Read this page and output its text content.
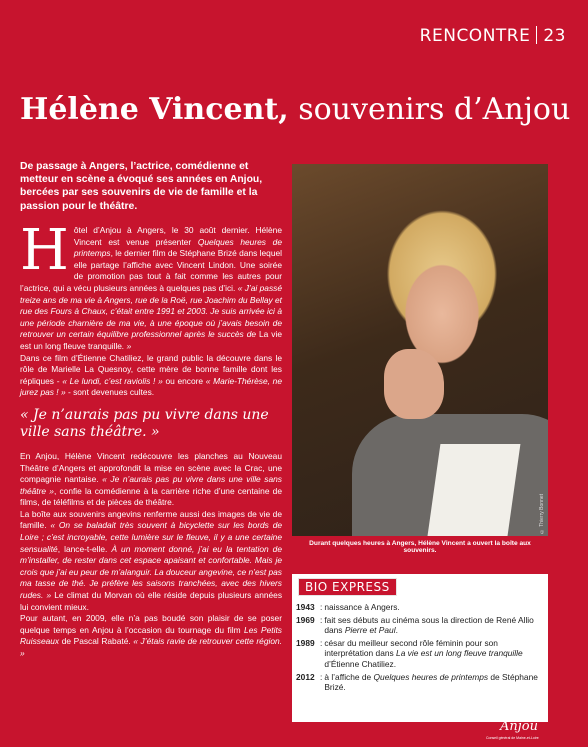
RENCONTRE 23
Hélène Vincent, souvenirs d’Anjou
De passage à Angers, l’actrice, comédienne et metteur en scène a évoqué ses années en Anjou, bercées par ses souvenirs de vie de famille et la passion pour le théâtre.

Hôtel d’Anjou à Angers, le 30 août dernier. Hélène Vincent est venue présenter Quelques heures de printemps, le dernier film de Stéphane Brizé dans lequel elle partage l’affiche avec Vincent Lindon. Une soirée de promotion pas tout à fait comme les autres pour l’actrice, qui a vécu plusieurs années à quelques pas d’ici. « J’ai passé treize ans de ma vie à Angers, rue de la Roë, rue Joachim du Bellay et rue des Fours à Chaux, c’était entre 1991 et 2003. Je suis arrivée ici à une période charnière de ma vie, à une époque où j’avais besoin de retrouver un certain équilibre professionnel après le succès de La vie est un long fleuve tranquille. »

Dans ce film d’Étienne Chatiliez, le grand public la découvre dans le rôle de Marielle La Quesnoy, cette mère de bonne famille dont les répliques - « Le lundi, c’est raviolis ! » ou encore « Marie-Thérèse, ne jurez pas ! » - sont devenues cultes.

« Je n’aurais pas pu vivre dans une ville sans théâtre. »

En Anjou, Hélène Vincent redécouvre les planches au Nouveau Théâtre d’Angers et approfondit la mise en scène avec la Crac, une compagnie nantaise. « Je n’aurais pas pu vivre dans une ville sans théâtre », confie la comédienne à la carrière riche d’une centaine de films, de téléfilms et de pièces de théâtre.

La boîte aux souvenirs angevins renferme aussi des images de vie de famille. « On se baladait très souvent à bicyclette sur les bords de Loire ; c’est incroyable, cette lumière sur le fleuve, il y a une certaine sensualité, lance-t-elle. À un moment donné, j’ai eu la tentation de m’installer, de rester dans cet espace apaisant et confortable. Mais je crois que j’ai eu peur de m’alanguir. La douceur angevine, ce n’est pas ma tasse de thé. Je préfère les saisons tranchées, avec des hivers rudes. » Le climat du Morvan où elle réside depuis plusieurs années lui convient mieux.

Pour autant, en 2009, elle n’a pas boudé son plaisir de se poser quelque temps en Anjou à l’occasion du tournage du film Les Petits Ruisseaux de Pascal Rabaté. « J’étais ravie de retrouver cette région. »

© Thierry Bonnet
Durant quelques heures à Angers, Hélène Vincent a ouvert la boîte aux souvenirs.
BIO EXPRESS
1943	:	naissance à Angers.
1969	:	fait ses débuts au cinéma sous la direction de René Allio dans Pierre et Paul.
1989	:	césar du meilleur second rôle féminin pour son interprétation dans La vie est un long fleuve tranquille d’Étienne Chatiliez.
2012	:	à l’affiche de Quelques heures de printemps de Stéphane Brizé.
Anjou
Conseil général de Maine-et-Loire
